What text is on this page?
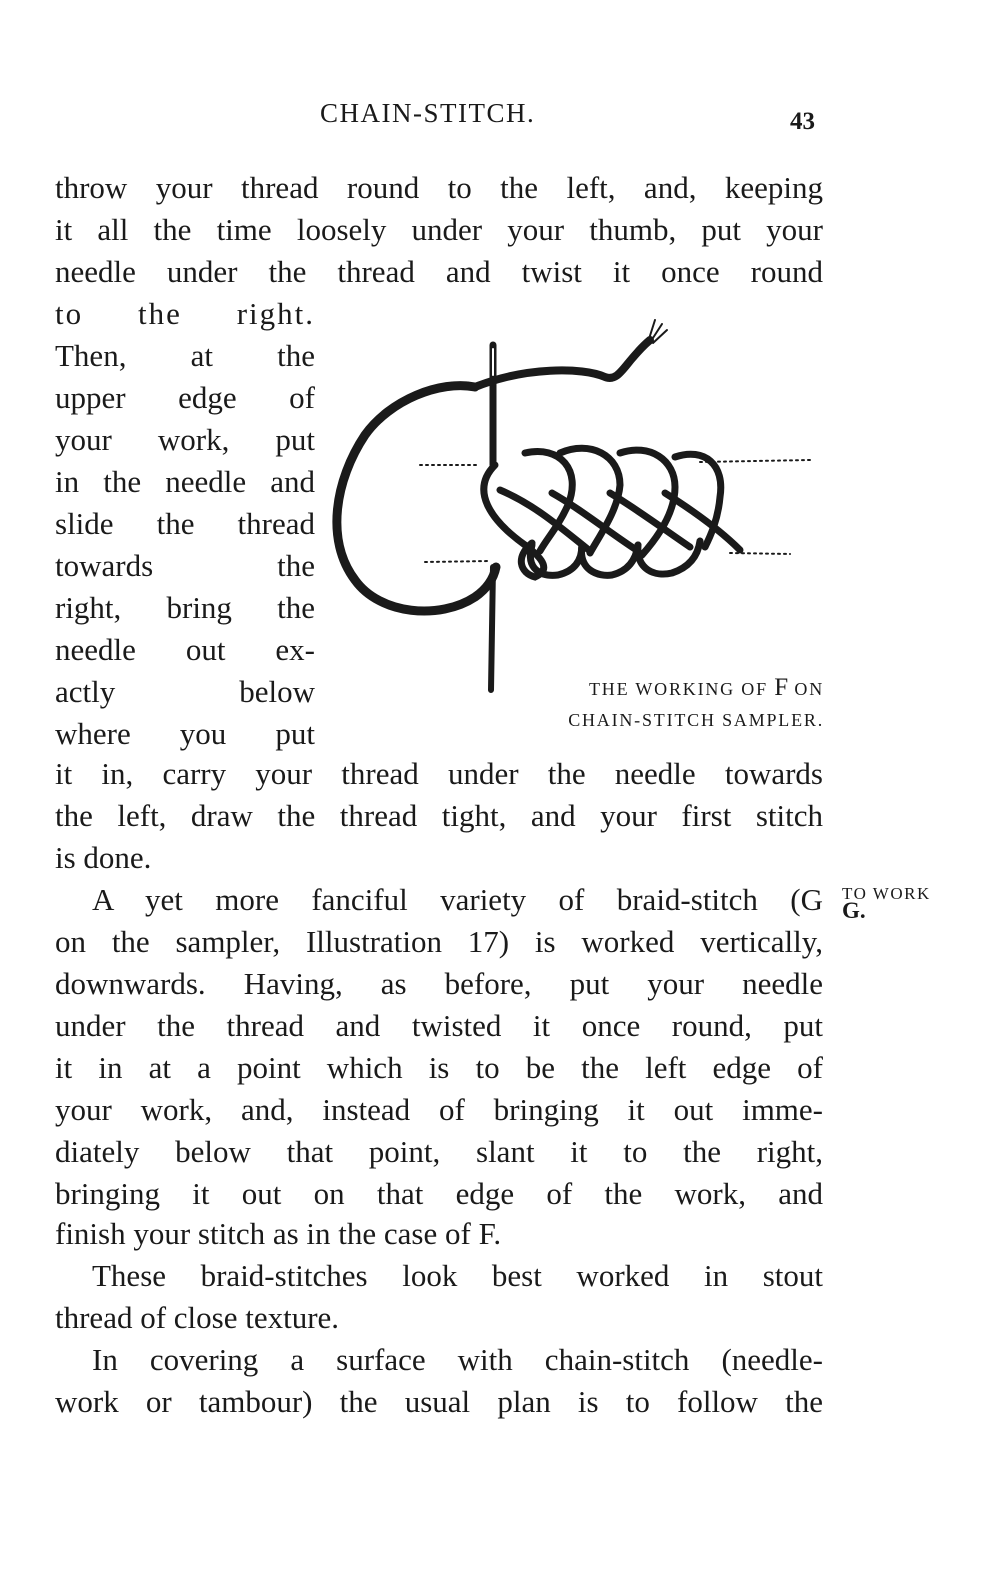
CHAIN-STITCH.	43
throw your thread round to the left, and, keeping
it all the time loosely under your thumb, put your
needle under the thread and twist it once round
to the right.
Then, at the
upper edge of
your work, put
in the needle and
slide the thread
towards the
right, bring the
needle out ex-
actly below
where you put
it in, carry your thread under the needle towards
the left, draw the thread tight, and your first stitch
is done.
A yet more fanciful variety of braid-stitch (G
on the sampler, Illustration 17) is worked vertically,
downwards. Having, as before, put your needle
under the thread and twisted it once round, put
it in at a point which is to be the left edge of
your work, and, instead of bringing it out imme-
diately below that point, slant it to the right,
bringing it out on that edge of the work, and
finish your stitch as in the case of F.
These braid-stitches look best worked in stout
thread of close texture.
In covering a surface with chain-stitch (needle-
work or tambour) the usual plan is to follow the
TO WORK
G.
THE WORKING OF F ON
CHAIN-STITCH SAMPLER.
